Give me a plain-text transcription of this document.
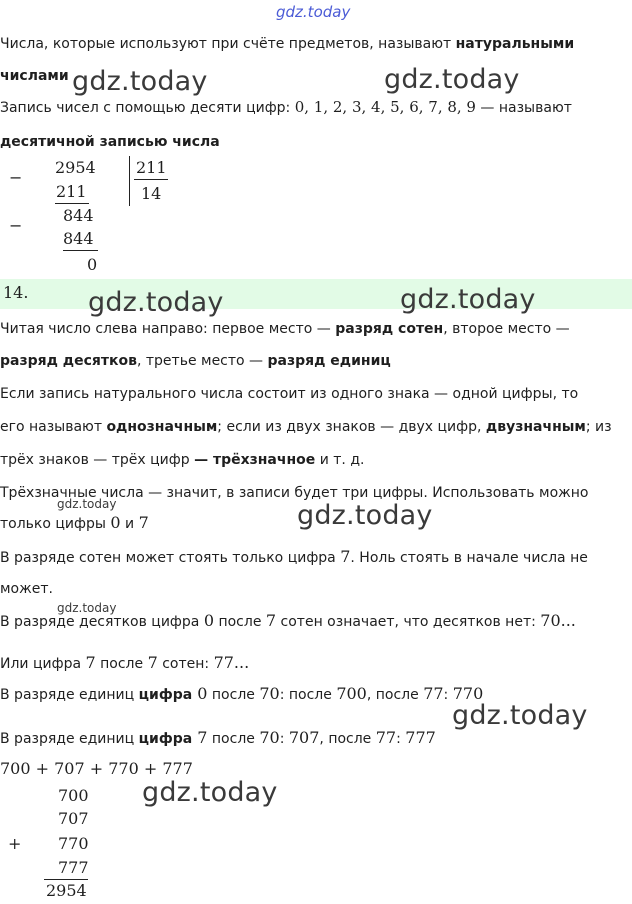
gdz.today
Числа, которые используют при счёте предметов, называют натуральными
числами
Запись чисел с помощью десяти цифр: 0, 1, 2, 3, 4, 5, 6, 7, 8, 9 — называют
десятичной записью числа
−
2954	211
211	14
−
844
844
0
14.
Читая число слева направо: первое место — разряд сотен, второе место —
разряд десятков, третье место — разряд единиц
Если запись натурального числа состоит из одного знака — одной цифры, то
его называют однозначным; если из двух знаков — двух цифр, двузначным; из
трёх знаков — трёх цифр — трёхзначное и т. д.
Трёхзначные числа — значит, в записи будет три цифры. Использовать можно
только цифры 0 и 7
В разряде сотен может стоять только цифра 7. Ноль стоять в начале числа не
может.
В разряде десятков цифра 0 после 7 сотен означает, что десятков нет: 70...
Или цифра 7 после 7 сотен: 77...
В разряде единиц цифра 0 после 70: после 700, после 77: 770
В разряде единиц цифра 7 после 70: 707, после 77: 777
700 + 707 + 770 + 777
700
707
+ 770
777
2954
gdz.today	gdz.today
gdz.today	gdz.today
gdz.today
gdz.today
gdz.today
gdz.today
gdz.today
